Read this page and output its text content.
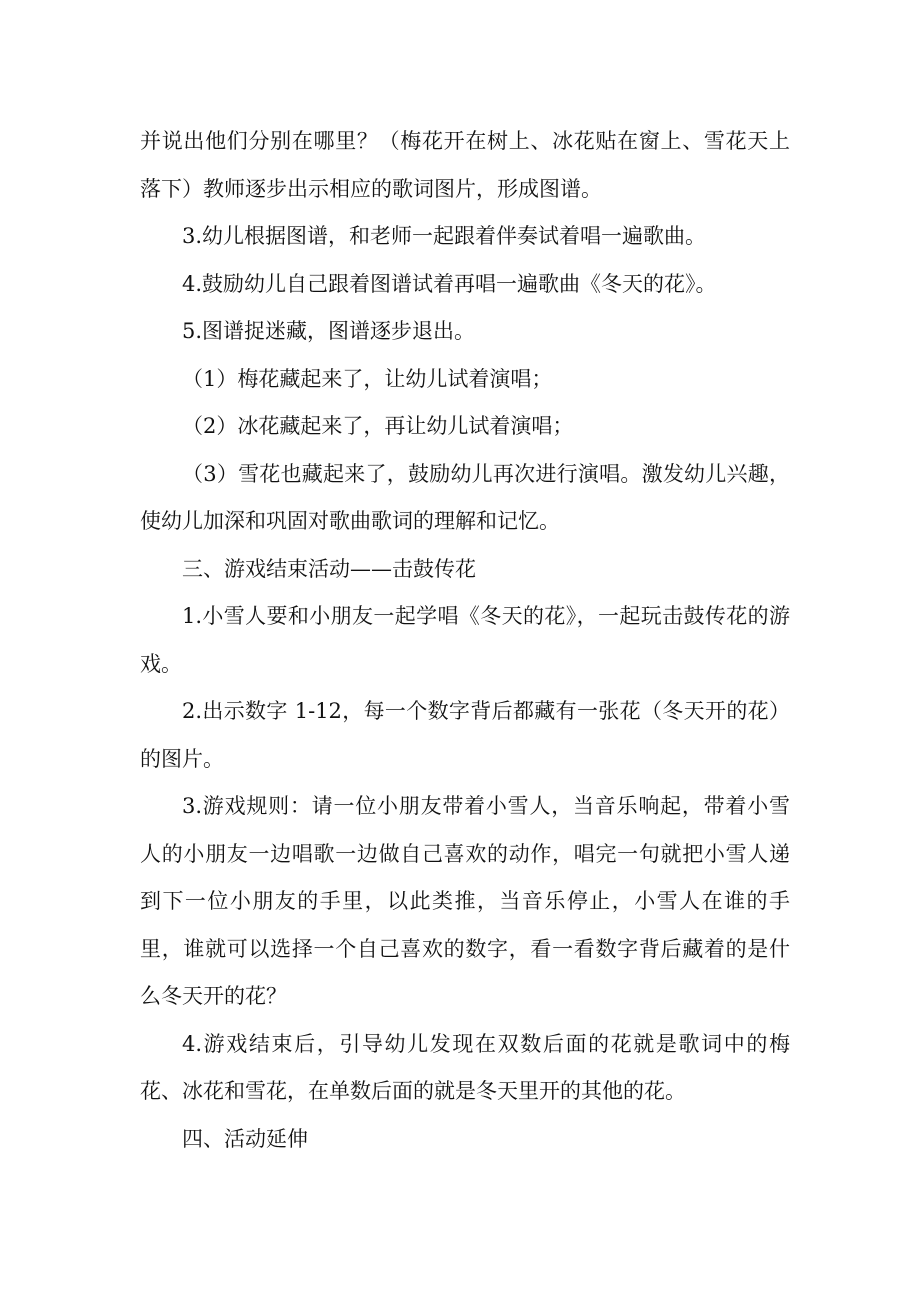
并说出他们分别在哪里？（梅花开在树上、冰花贴在窗上、雪花天上落下）教师逐步出示相应的歌词图片，形成图谱。

3.幼儿根据图谱，和老师一起跟着伴奏试着唱一遍歌曲。

4.鼓励幼儿自己跟着图谱试着再唱一遍歌曲《冬天的花》。

5.图谱捉迷藏，图谱逐步退出。

（1）梅花藏起来了，让幼儿试着演唱；

（2）冰花藏起来了，再让幼儿试着演唱；

（3）雪花也藏起来了，鼓励幼儿再次进行演唱。激发幼儿兴趣，使幼儿加深和巩固对歌曲歌词的理解和记忆。

三、游戏结束活动——击鼓传花

1.小雪人要和小朋友一起学唱《冬天的花》，一起玩击鼓传花的游戏。

2.出示数字 1-12，每一个数字背后都藏有一张花（冬天开的花）的图片。

3.游戏规则：请一位小朋友带着小雪人，当音乐响起，带着小雪人的小朋友一边唱歌一边做自己喜欢的动作，唱完一句就把小雪人递到下一位小朋友的手里，以此类推，当音乐停止，小雪人在谁的手里，谁就可以选择一个自己喜欢的数字，看一看数字背后藏着的是什么冬天开的花？

4.游戏结束后，引导幼儿发现在双数后面的花就是歌词中的梅花、冰花和雪花，在单数后面的就是冬天里开的其他的花。

四、活动延伸
